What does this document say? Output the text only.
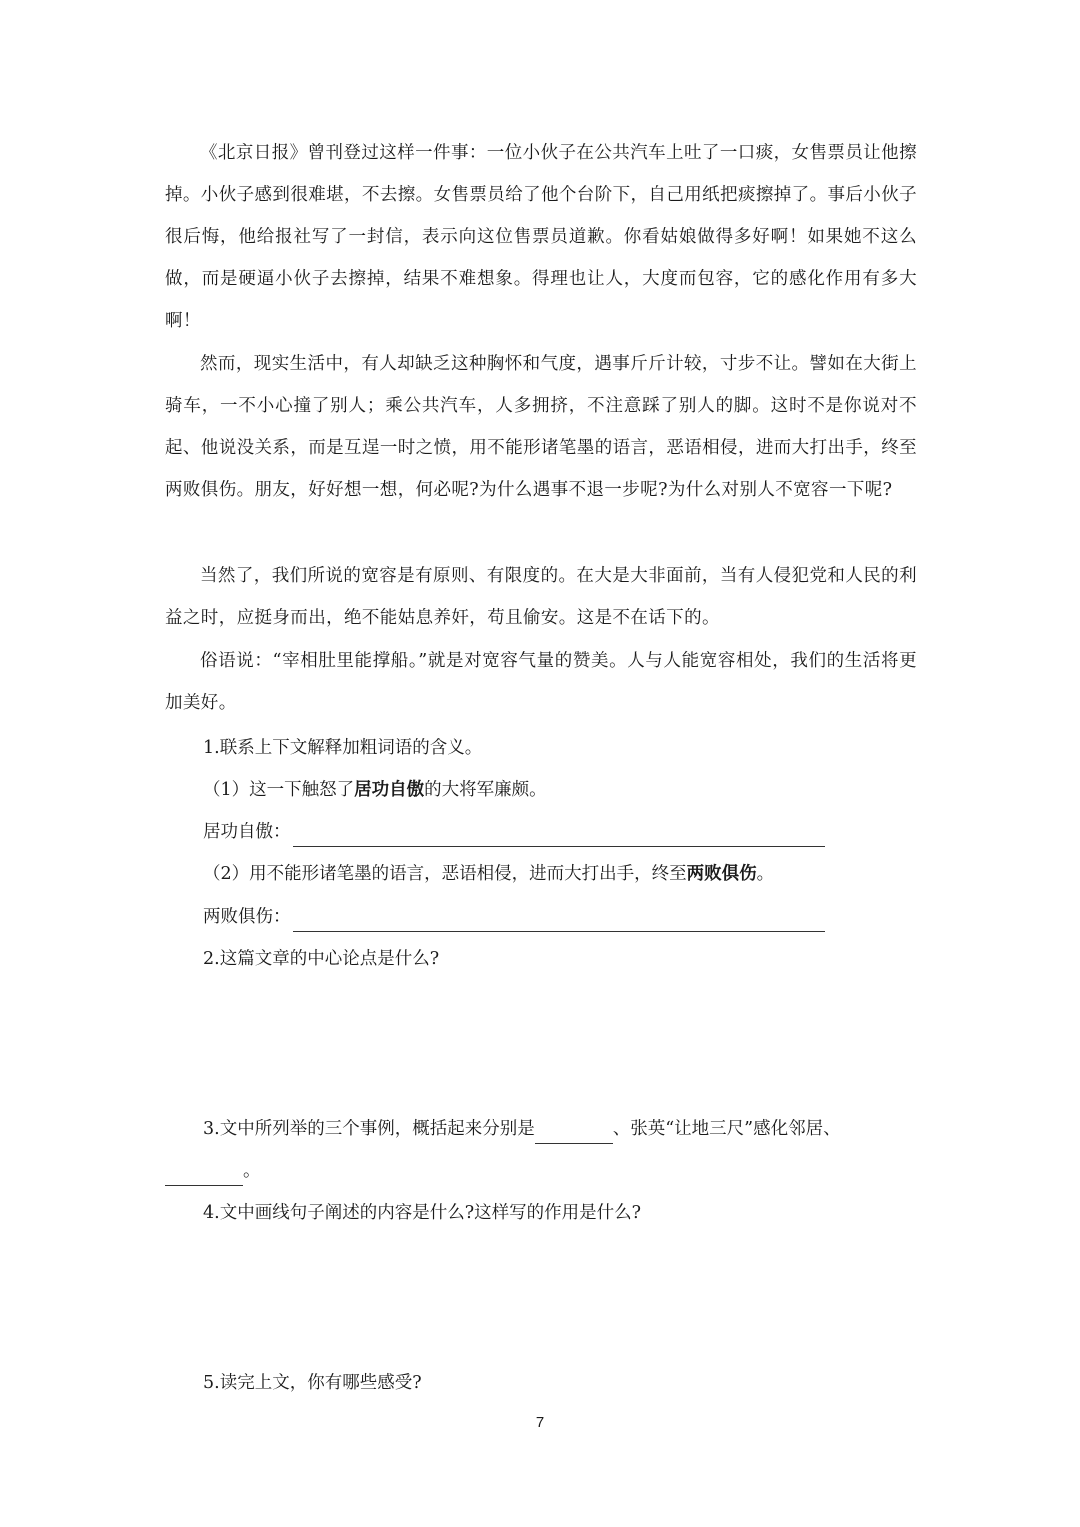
《北京日报》曾刊登过这样一件事：一位小伙子在公共汽车上吐了一口痰，女售票员让他擦掉。小伙子感到很难堪，不去擦。女售票员给了他个台阶下，自己用纸把痰擦掉了。事后小伙子很后悔，他给报社写了一封信，表示向这位售票员道歉。你看姑娘做得多好啊！如果她不这么做，而是硬逼小伙子去擦掉，结果不难想象。得理也让人，大度而包容，它的感化作用有多大啊！

然而，现实生活中，有人却缺乏这种胸怀和气度，遇事斤斤计较，寸步不让。譬如在大街上骑车，一不小心撞了别人；乘公共汽车，人多拥挤，不注意踩了别人的脚。这时不是你说对不起、他说没关系，而是互逞一时之愤，用不能形诸笔墨的语言，恶语相侵，进而大打出手，终至两败俱伤。朋友，好好想一想，何必呢?为什么遇事不退一步呢?为什么对别人不宽容一下呢?

当然了，我们所说的宽容是有原则、有限度的。在大是大非面前，当有人侵犯党和人民的利益之时，应挺身而出，绝不能姑息养奸，苟且偷安。这是不在话下的。

俗语说：“宰相肚里能撑船。”就是对宽容气量的赞美。人与人能宽容相处，我们的生活将更加美好。

1.联系上下文解释加粗词语的含义。

（1）这一下触怒了居功自傲的大将军廉颇。

居功自傲：

（2）用不能形诸笔墨的语言，恶语相侵，进而大打出手，终至两败俱伤。

两败俱伤：

2.这篇文章的中心论点是什么?

3.文中所列举的三个事例，概括起来分别是	、张英“让地三尺”感化邻居、

。

4.文中画线句子阐述的内容是什么?这样写的作用是什么?

5.读完上文，你有哪些感受?

7
